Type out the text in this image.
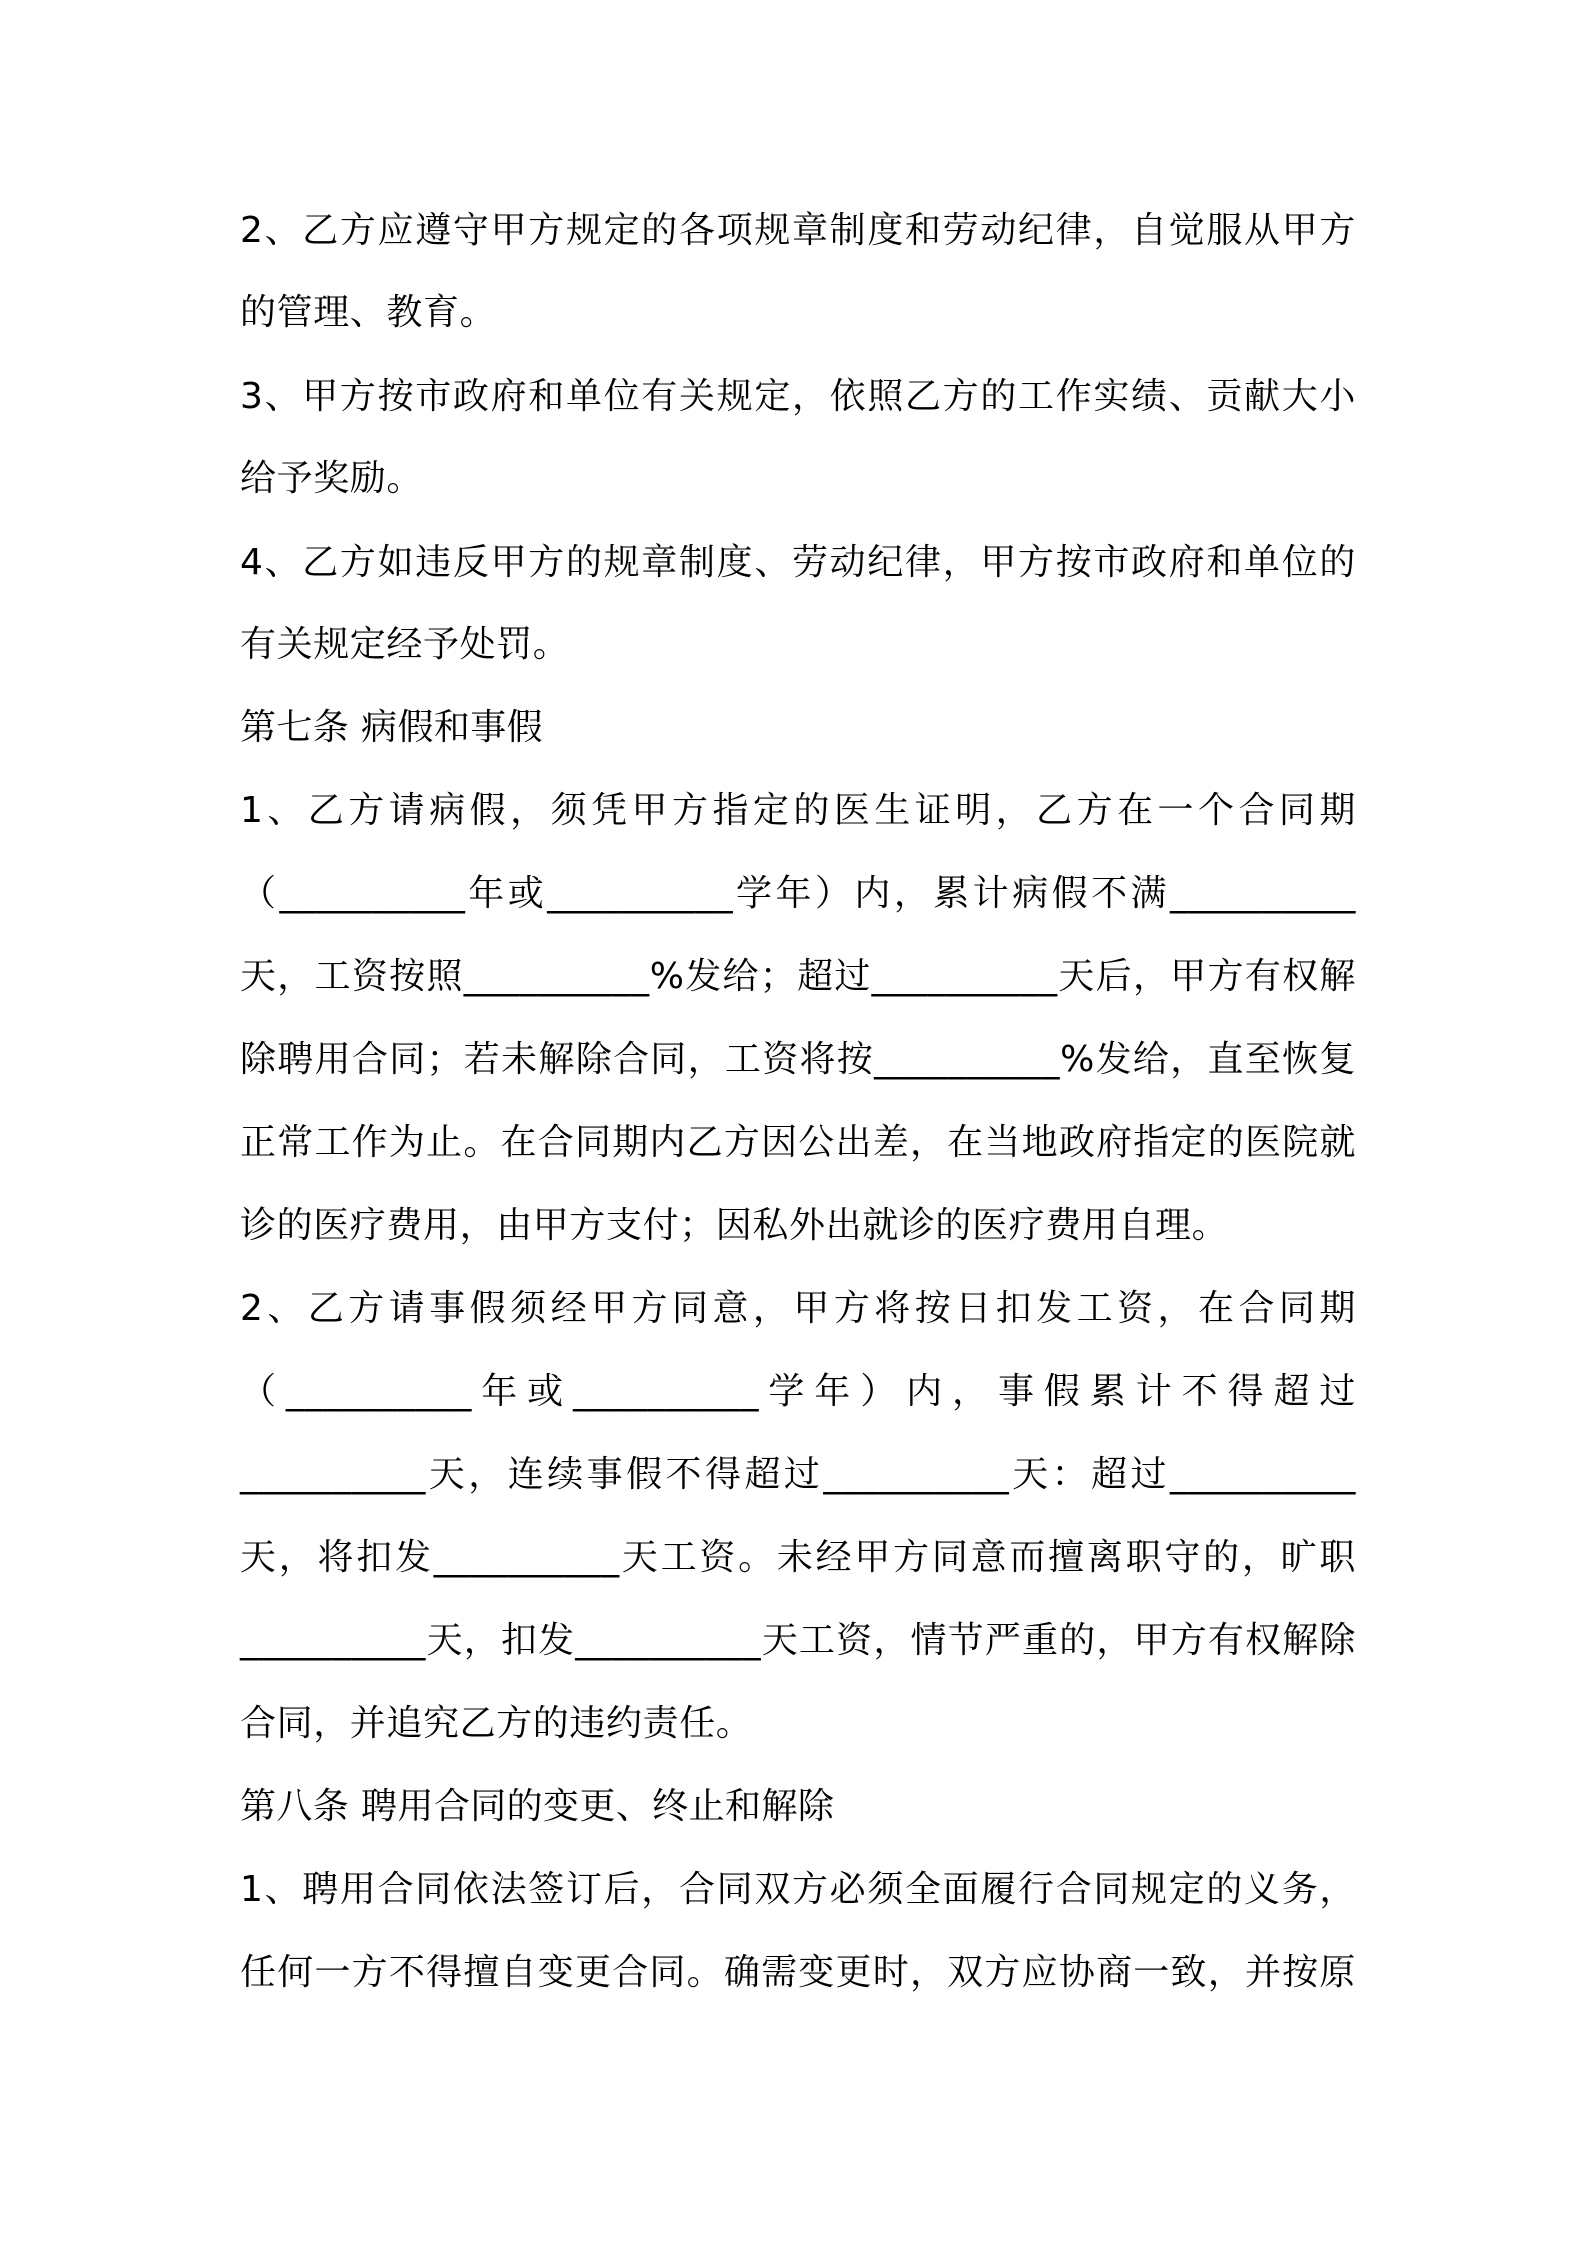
2、乙方应遵守甲方规定的各项规章制度和劳动纪律，自觉服从甲方
的管理、教育。
3、甲方按市政府和单位有关规定，依照乙方的工作实绩、贡献大小
给予奖励。
4、乙方如违反甲方的规章制度、劳动纪律，甲方按市政府和单位的
有关规定经予处罚。
第七条 病假和事假
1、乙方请病假，须凭甲方指定的医生证明，乙方在一个合同期
（__________年或__________学年）内，累计病假不满__________
天，工资按照__________%发给；超过__________天后，甲方有权解
除聘用合同；若未解除合同，工资将按__________%发给，直至恢复
正常工作为止。在合同期内乙方因公出差，在当地政府指定的医院就
诊的医疗费用，由甲方支付；因私外出就诊的医疗费用自理。
2、乙方请事假须经甲方同意，甲方将按日扣发工资，在合同期
（__________年或__________学年）内，事假累计不得超过
__________天，连续事假不得超过__________天：超过__________
天，将扣发__________天工资。未经甲方同意而擅离职守的，旷职
__________天，扣发__________天工资，情节严重的，甲方有权解除
合同，并追究乙方的违约责任。
第八条 聘用合同的变更、终止和解除
1、聘用合同依法签订后，合同双方必须全面履行合同规定的义务，
任何一方不得擅自变更合同。确需变更时，双方应协商一致，并按原
